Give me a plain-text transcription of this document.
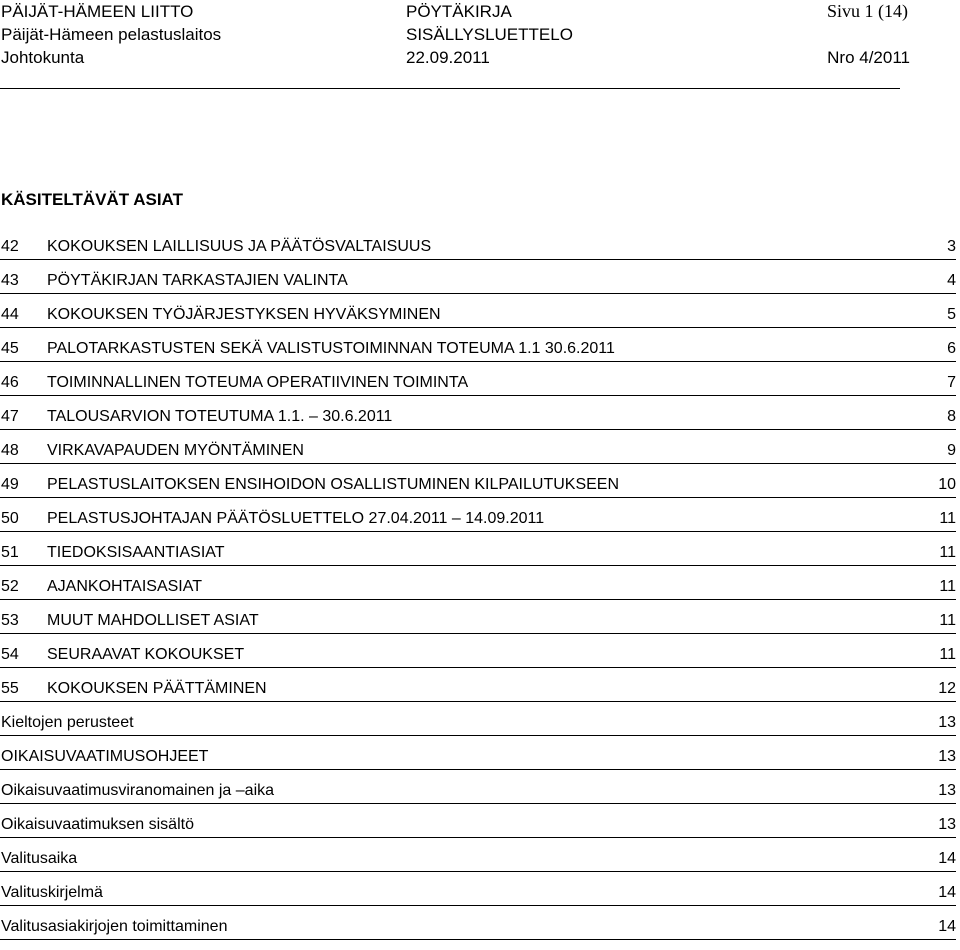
PÄIJÄT-HÄMEEN LIITTO	PÖYTÄKIRJA	Sivu 1 (14)
Päijät-Hämeen pelastuslaitos	SISÄLLYSLUETTELO
Johtokunta	22.09.2011	Nro 4/2011
KÄSITELTÄVÄT ASIAT
42 KOKOUKSEN LAILLISUUS JA PÄÄTÖSVALTAISUUS	3
43 PÖYTÄKIRJAN TARKASTAJIEN VALINTA	4
44 KOKOUKSEN TYÖJÄRJESTYKSEN HYVÄKSYMINEN	5
45 PALOTARKASTUSTEN SEKÄ VALISTUSTOIMINNAN TOTEUMA 1.1 30.6.2011	6
46 TOIMINNALLINEN TOTEUMA OPERATIIVINEN TOIMINTA	7
47 TALOUSARVION TOTEUTUMA 1.1. – 30.6.2011	8
48 VIRKAVAPAUDEN MYÖNTÄMINEN	9
49 PELASTUSLAITOKSEN ENSIHOIDON OSALLISTUMINEN KILPAILUTUKSEEN	10
50 PELASTUSJOHTAJAN PÄÄTÖSLUETTELO 27.04.2011 – 14.09.2011	11
51 TIEDOKSISAANTIASIAT	11
52 AJANKOHTAISASIAT	11
53 MUUT MAHDOLLISET ASIAT	11
54 SEURAAVAT KOKOUKSET	11
55 KOKOUKSEN PÄÄTTÄMINEN	12
Kieltojen perusteet	13
OIKAISUVAATIMUSOHJEET	13
Oikaisuvaatimusviranomainen ja –aika	13
Oikaisuvaatimuksen sisältö	13
Valitusaika	14
Valituskirjelmä	14
Valitusasiakirjojen toimittaminen	14
